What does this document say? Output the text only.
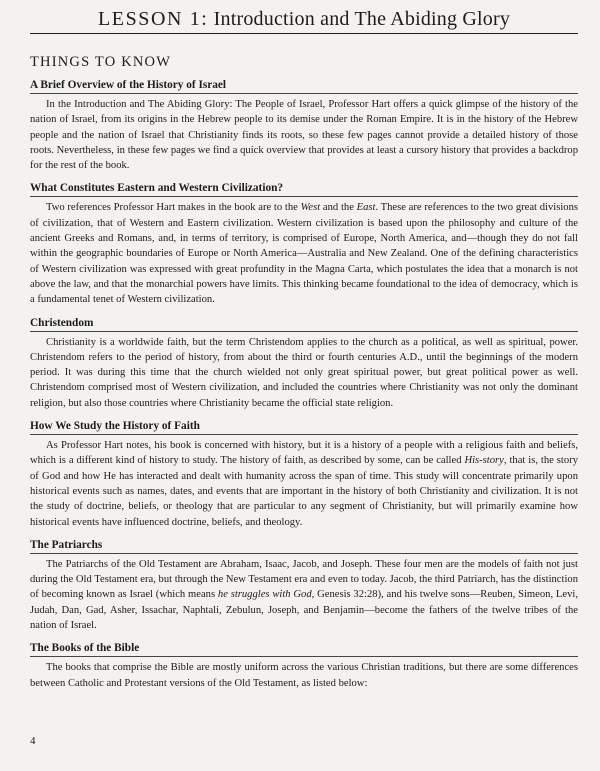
LESSON 1: Introduction and The Abiding Glory
THINGS TO KNOW
A Brief Overview of the History of Israel

In the Introduction and The Abiding Glory: The People of Israel, Professor Hart offers a quick glimpse of the history of the nation of Israel, from its origins in the Hebrew people to its demise under the Roman Empire. It is in the history of the Hebrew people and the nation of Israel that Christianity finds its roots, so these few pages cannot provide a detailed history of those roots. Nevertheless, in these few pages we find a quick overview that provides at least a cursory history that provides a backdrop for the rest of the book.

What Constitutes Eastern and Western Civilization?

Two references Professor Hart makes in the book are to the West and the East. These are references to the two great divisions of civilization, that of Western and Eastern civilization. Western civilization is based upon the philosophy and culture of the ancient Greeks and Romans, and, in terms of territory, is comprised of Europe, North America, and—though they do not fall within the geographic boundaries of Europe or North America—Australia and New Zealand. One of the defining characteristics of Western civilization was expressed with great profundity in the Magna Carta, which postulates the idea that a monarch is not above the law, and that the monarchial powers have limits. This thinking became foundational to the idea of democracy, which is a fundamental tenet of Western civilization.

Christendom

Christianity is a worldwide faith, but the term Christendom applies to the church as a political, as well as spiritual, power. Christendom refers to the period of history, from about the third or fourth centuries A.D., until the beginnings of the modern period. It was during this time that the church wielded not only great spiritual power, but great political power as well. Christendom comprised most of Western civilization, and included the countries where Christianity was not only the dominant religion, but also those countries where Christianity became the official state religion.

How We Study the History of Faith

As Professor Hart notes, his book is concerned with history, but it is a history of a people with a religious faith and beliefs, which is a different kind of history to study. The history of faith, as described by some, can be called His-story, that is, the story of God and how He has interacted and dealt with humanity across the span of time. This study will concentrate primarily upon historical events such as names, dates, and events that are important in the history of both Christianity and civilization. It is not the study of doctrine, beliefs, or theology that are particular to any segment of Christianity, but will primarily examine how historical events have influenced doctrine, beliefs, and theology.

The Patriarchs

The Patriarchs of the Old Testament are Abraham, Isaac, Jacob, and Joseph. These four men are the models of faith not just during the Old Testament era, but through the New Testament era and even to today. Jacob, the third Patriarch, has the distinction of becoming known as Israel (which means he struggles with God, Genesis 32:28), and his twelve sons—Reuben, Simeon, Levi, Judah, Dan, Gad, Asher, Issachar, Naphtali, Zebulun, Joseph, and Benjamin—become the fathers of the twelve tribes of the nation of Israel.

The Books of the Bible

The books that comprise the Bible are mostly uniform across the various Christian traditions, but there are some differences between Catholic and Protestant versions of the Old Testament, as listed below:

4
